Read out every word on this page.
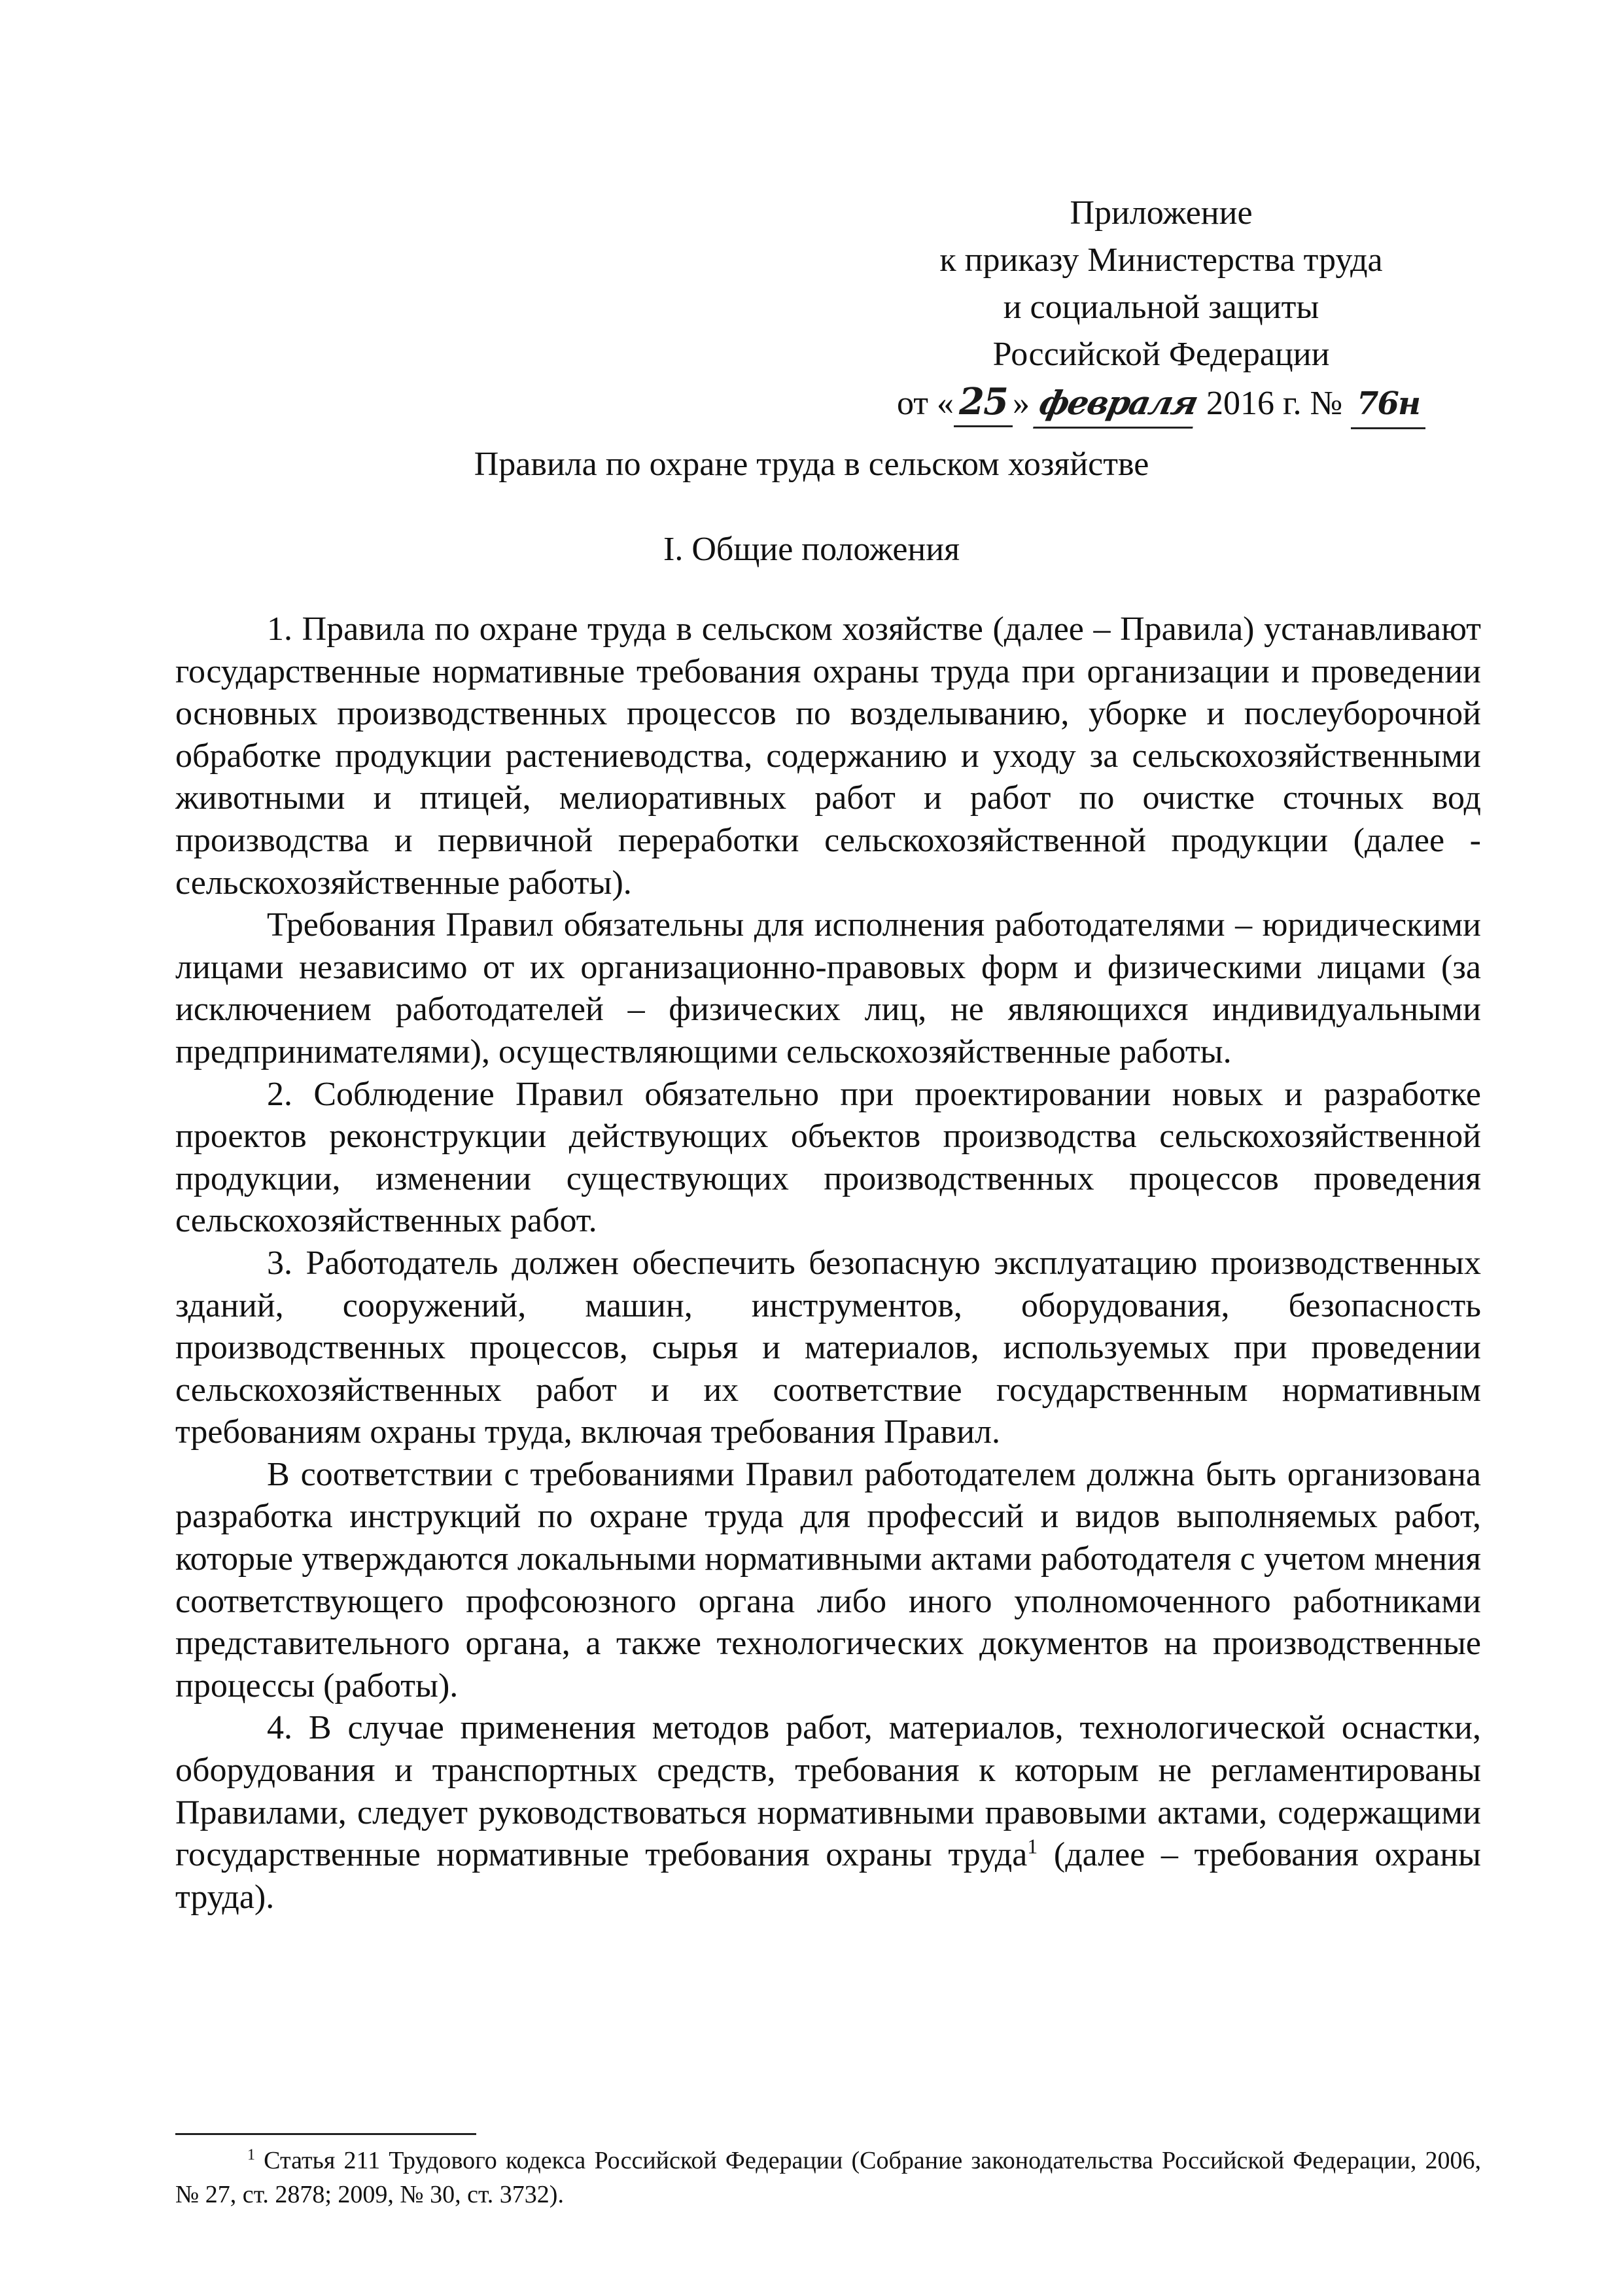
Приложение
к приказу Министерства труда
и социальной защиты
Российской Федерации
от « 25 » февраля 2016 г. № 76н
Правила по охране труда в сельском хозяйстве
I. Общие положения

1. Правила по охране труда в сельском хозяйстве (далее – Правила) устанавливают государственные нормативные требования охраны труда при организации и проведении основных производственных процессов по возделыванию, уборке и послеуборочной обработке продукции растениеводства, содержанию и уходу за сельскохозяйственными животными и птицей, мелиоративных работ и работ по очистке сточных вод производства и первичной переработки сельскохозяйственной продукции (далее - сельскохозяйственные работы).

Требования Правил обязательны для исполнения работодателями – юридическими лицами независимо от их организационно-правовых форм и физическими лицами (за исключением работодателей – физических лиц, не являющихся индивидуальными предпринимателями), осуществляющими сельскохозяйственные работы.

2. Соблюдение Правил обязательно при проектировании новых и разработке проектов реконструкции действующих объектов производства сельскохозяйственной продукции, изменении существующих производственных процессов проведения сельскохозяйственных работ.

3. Работодатель должен обеспечить безопасную эксплуатацию производственных зданий, сооружений, машин, инструментов, оборудования, безопасность производственных процессов, сырья и материалов, используемых при проведении сельскохозяйственных работ и их соответствие государственным нормативным требованиям охраны труда, включая требования Правил.

В соответствии с требованиями Правил работодателем должна быть организована разработка инструкций по охране труда для профессий и видов выполняемых работ, которые утверждаются локальными нормативными актами работодателя с учетом мнения соответствующего профсоюзного органа либо иного уполномоченного работниками представительного органа, а также технологических документов на производственные процессы (работы).

4. В случае применения методов работ, материалов, технологической оснастки, оборудования и транспортных средств, требования к которым не регламентированы Правилами, следует руководствоваться нормативными правовыми актами, содержащими государственные нормативные требования охраны труда$^1$ (далее – требования охраны труда).

$^1$ Статья 211 Трудового кодекса Российской Федерации (Собрание законодательства Российской Федерации, 2006, № 27, ст. 2878; 2009, № 30, ст. 3732).
